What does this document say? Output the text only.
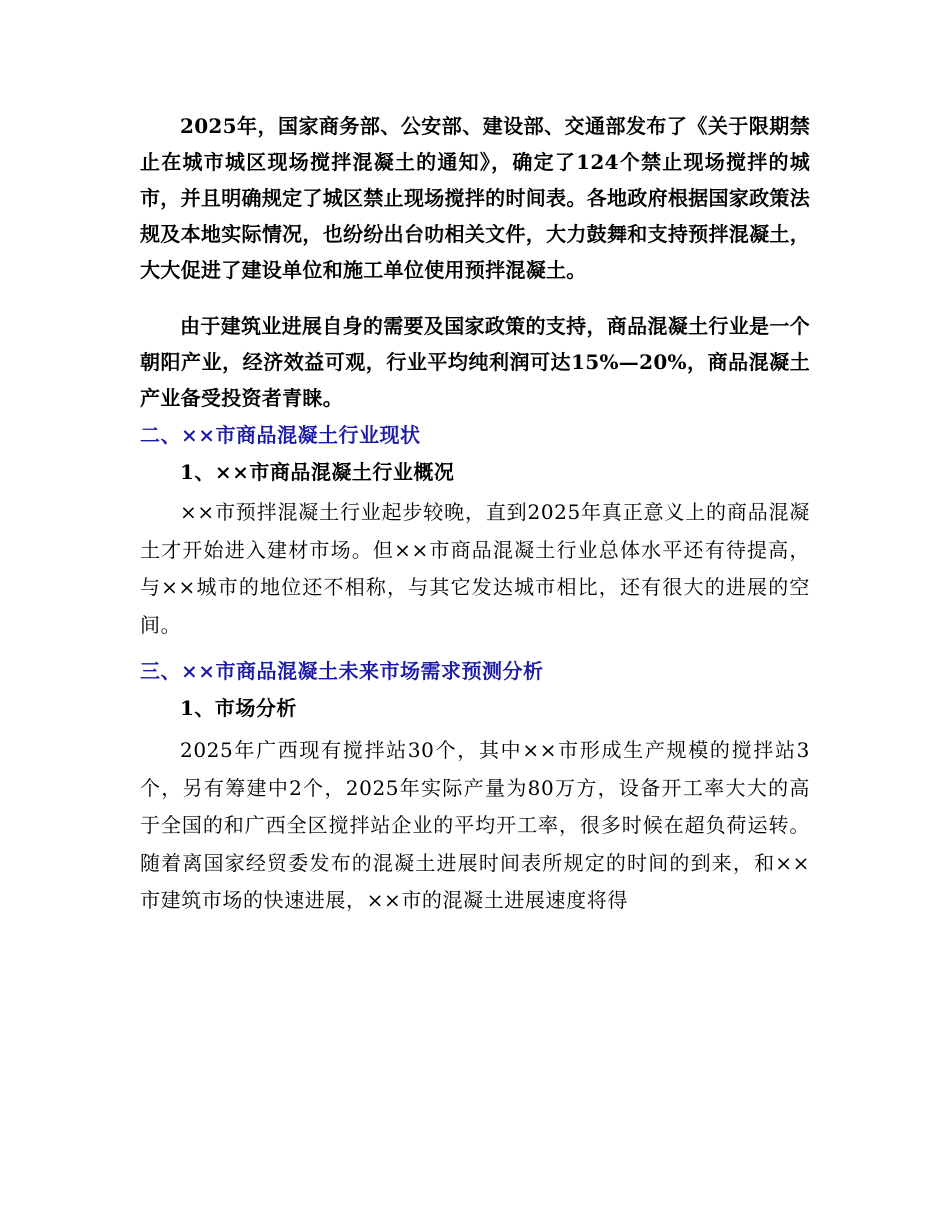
2025年，国家商务部、公安部、建设部、交通部发布了《关于限期禁止在城市城区现场搅拌混凝土的通知》，确定了124个禁止现场搅拌的城市，并且明确规定了城区禁止现场搅拌的时间表。各地政府根据国家政策法规及本地实际情况，也纷纷出台叻相关文件，大力鼓舞和支持预拌混凝土，大大促进了建设单位和施工单位使用预拌混凝土。

由于建筑业进展自身的需要及国家政策的支持，商品混凝土行业是一个朝阳产业，经济效益可观，行业平均纯利润可达15%—20%，商品混凝土产业备受投资者青睐。

二、××市商品混凝土行业现状
1、××市商品混凝土行业概况

××市预拌混凝土行业起步较晚，直到2025年真正意义上的商品混凝土才开始进入建材市场。但××市商品混凝土行业总体水平还有待提高，与××城市的地位还不相称，与其它发达城市相比，还有很大的进展的空间。

三、××市商品混凝土未来市场需求预测分析
1、市场分析

2025年广西现有搅拌站30个，其中××市形成生产规模的搅拌站3个，另有筹建中2个，2025年实际产量为80万方，设备开工率大大的高于全国的和广西全区搅拌站企业的平均开工率，很多时候在超负荷运转。随着离国家经贸委发布的混凝土进展时间表所规定的时间的到来，和××市建筑市场的快速进展，××市的混凝土进展速度将得
